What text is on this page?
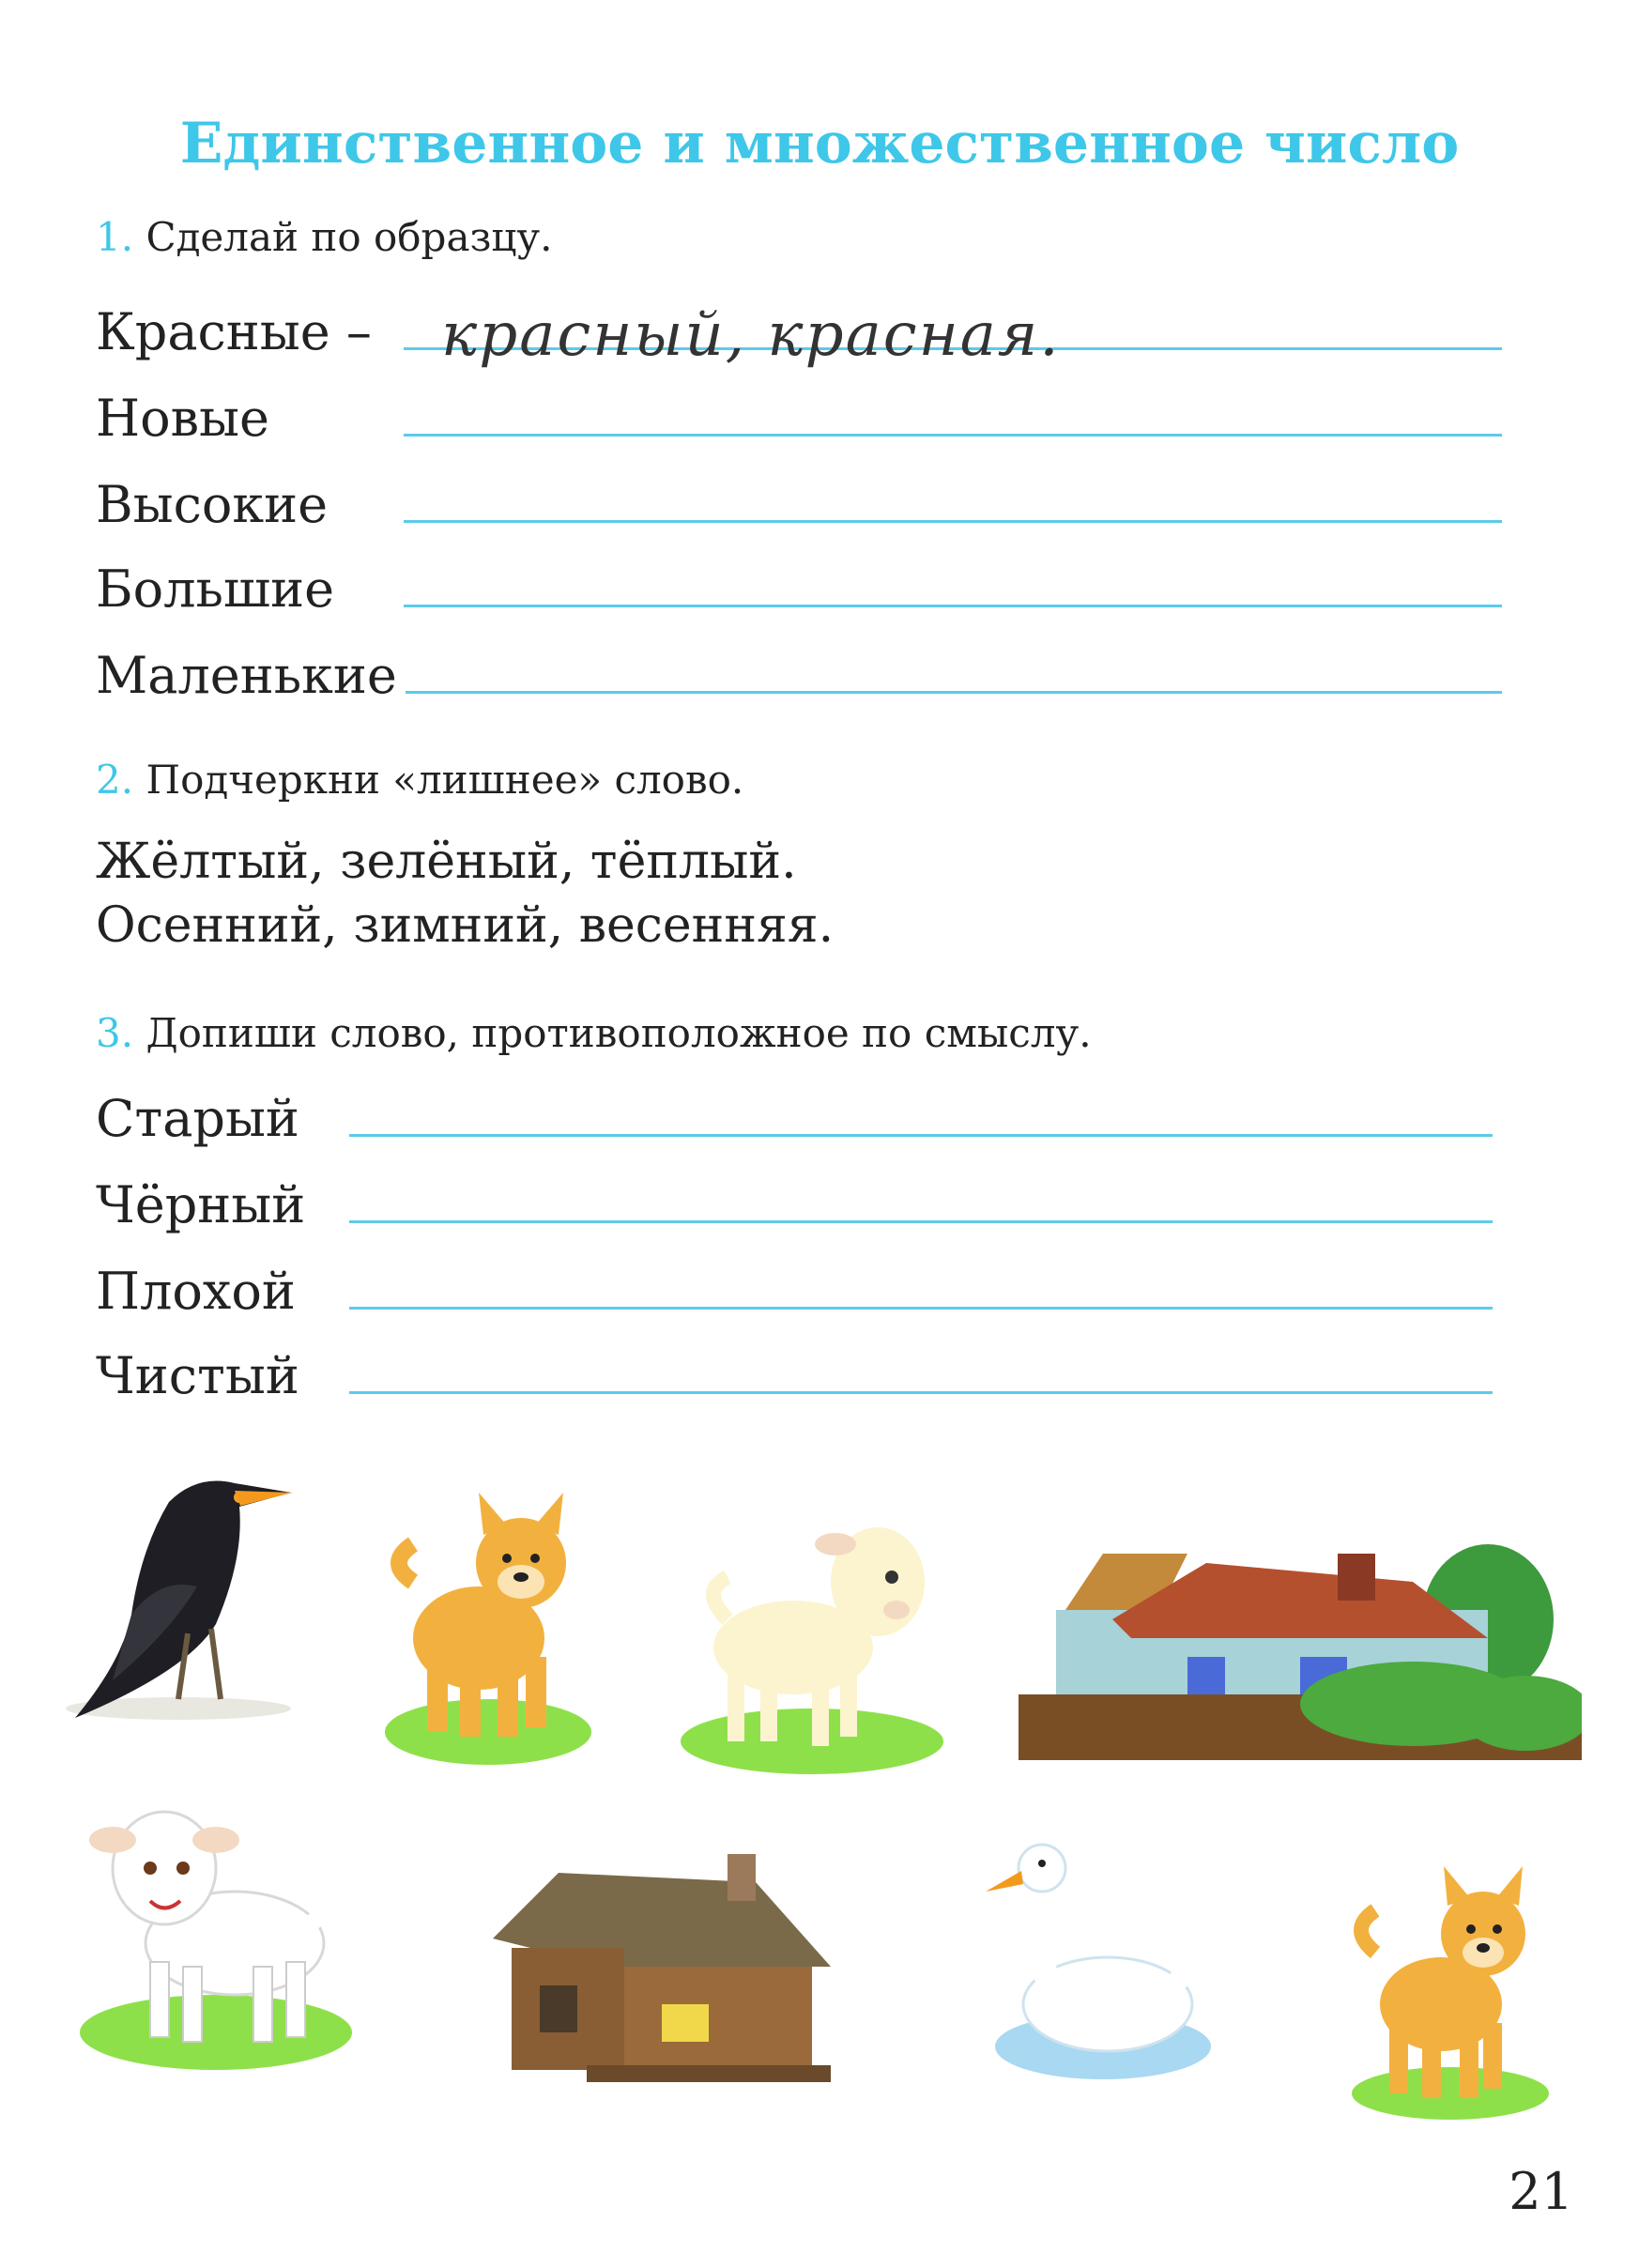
Единственное и множественное число
1. Сделай по образцу.
Красные – красный, красная.
Новые
Высокие
Большие
Маленькие
2. Подчеркни «лишнее» слово.
Жёлтый, зелёный, тёплый.
Осенний, зимний, весенняя.
3. Допиши слово, противоположное по смыслу.
Старый
Чёрный
Плохой
Чистый
21
